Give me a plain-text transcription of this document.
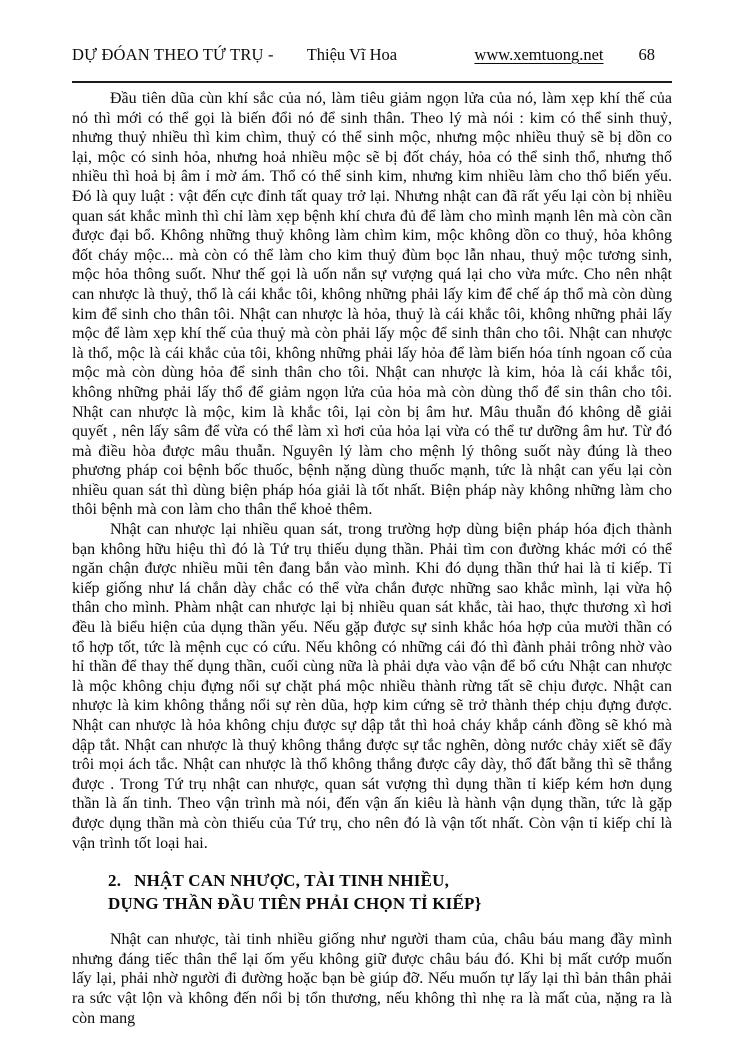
DỰ ĐÓAN THEO TỨ TRỤ - Thiệu Vĩ Hoa	www.xemtuong.net 68

Đầu tiên dũa cùn khí sắc của nó, làm tiêu giảm ngọn lửa của nó, làm xẹp khí thế của nó thì mới có thể gọi là biến đổi nó để sinh thân. Theo lý mà nói : kim có thể sinh thuỷ, nhưng thuỷ nhiều thì kim chìm, thuỷ có thể sinh mộc, nhưng mộc nhiều thuỷ sẽ bị dồn co lại, mộc có sinh hỏa, nhưng hoả nhiều mộc sẽ bị đốt cháy, hỏa có thể sinh thổ, nhưng thổ nhiều thì hoả bị âm ỉ mờ ám. Thổ có thể sinh kim, nhưng kim nhiều làm cho thổ biến yếu. Đó là quy luật : vật đến cực đỉnh tất quay trở lại. Nhưng nhật can đã rất yếu lại còn bị nhiều quan sát khắc mình thì chỉ làm xẹp bệnh khí chưa đủ để làm cho mình mạnh lên mà còn cần được đại bổ. Không những thuỷ không làm chìm kim, mộc không dồn co thuỷ, hỏa không đốt cháy mộc... mà còn có thể làm cho kim thuỷ đùm bọc lẫn nhau, thuỷ mộc tương sinh, mộc hỏa thông suốt. Như thế gọi là uốn nắn sự vượng quá lại cho vừa mức. Cho nên nhật can nhược là thuỷ, thổ là cái khắc tôi, không những phải lấy kim để chế áp thổ mà còn dùng kim để sinh cho thân tôi. Nhật can nhược là hỏa, thuỷ là cái khắc tôi, không những phải lấy mộc để làm xẹp khí thế của thuỷ mà còn phải lấy mộc để sinh thân cho tôi. Nhật can nhược là thổ, mộc là cái khắc của tôi, không những phải lấy hỏa để làm biến hóa tính ngoan cố của mộc mà còn dùng hỏa để sinh thân cho tôi. Nhật can nhược là kim, hỏa là cái khắc tôi, không những phải lấy thổ để giảm ngọn lửa của hỏa mà còn dùng thổ để sin thân cho tôi. Nhật can nhược là mộc, kim là khắc tôi, lại còn bị âm hư. Mâu thuẫn đó không dễ giải quyết , nên lấy sâm để vừa có thể làm xì hơi của hỏa lại vừa có thể tư dưỡng âm hư. Từ đó mà điều hòa được mâu thuẫn. Nguyên lý làm cho mệnh lý thông suốt này đúng là theo phương pháp coi bệnh bốc thuốc, bệnh nặng dùng thuốc mạnh, tức là nhật can yếu lại còn nhiều quan sát thì dùng biện pháp hóa giải là tốt nhất. Biện pháp này không những làm cho thôi bệnh mà con làm cho thân thể khoẻ thêm.

Nhật can nhược lại nhiều quan sát, trong trường hợp dùng biện pháp hóa địch thành bạn không hữu hiệu thì đó là Tứ trụ thiếu dụng thần. Phải tìm con đường khác mới có thể ngăn chận được nhiều mũi tên đang bắn vào mình. Khi đó dụng thần thứ hai là tỉ kiếp. Tỉ kiếp giống như lá chắn dày chắc có thể vừa chắn được những sao khắc mình, lại vừa hộ thân cho mình. Phàm nhật can nhược lại bị nhiều quan sát khắc, tài hao, thực thương xì hơi đều là biểu hiện của dụng thần yếu. Nếu gặp được sự sinh khắc hóa hợp của mười thần có tổ hợp tốt, tức là mệnh cục có cứu. Nếu không có những cái đó thì đành phải trông nhờ vào hỉ thần để thay thế dụng thần, cuối cùng nữa là phải dựa vào vận để bổ cứu Nhật can nhược là mộc không chịu đựng nổi sự chặt phá mộc nhiều thành rừng tất sẽ chịu được. Nhật can nhược là kim không thắng nổi sự rèn dũa, hợp kim cứng sẽ trở thành thép chịu đựng được. Nhật can nhược là hỏa không chịu được sự dập tắt thì hoả cháy khắp cánh đồng sẽ khó mà dập tắt. Nhật can nhược là thuỷ không thắng được sự tắc nghẽn, dòng nước chảy xiết sẽ đẩy trôi mọi ách tắc. Nhật can nhược là thổ không thắng được cây dày, thổ đất bằng thì sẽ thắng được . Trong Tứ trụ nhật can nhược, quan sát vượng thì dụng thần tỉ kiếp kém hơn dụng thần là ấn tinh. Theo vận trình mà nói, đến vận ấn kiêu là hành vận dụng thần, tức là gặp được dụng thần mà còn thiếu của Tứ trụ, cho nên đó là vận tốt nhất. Còn vận tỉ kiếp chỉ là vận trình tốt loại hai.

2. NHẬT CAN NHƯỢC, TÀI TINH NHIỀU,
DỤNG THẦN ĐẦU TIÊN PHẢI CHỌN TỈ KIẾP}

Nhật can nhược, tài tinh nhiều giống như người tham của, châu báu mang đầy mình nhưng đáng tiếc thân thể lại ốm yếu không giữ được châu báu đó. Khi bị mất cướp muốn lấy lại, phải nhờ người đi đường hoặc bạn bè giúp đỡ. Nếu muốn tự lấy lại thì bản thân phải ra sức vật lộn và không đến nổi bị tổn thương, nếu không thì nhẹ ra là mất của, nặng ra là còn mang
